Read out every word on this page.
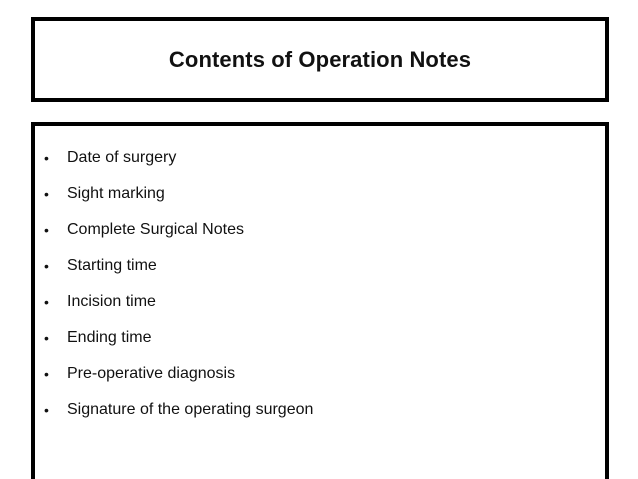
Contents of Operation Notes
•	Date of surgery
•	Sight marking
•	Complete Surgical Notes
•	Starting time
•	Incision time
•	Ending time
•	Pre-operative diagnosis
•	Signature of the operating surgeon
